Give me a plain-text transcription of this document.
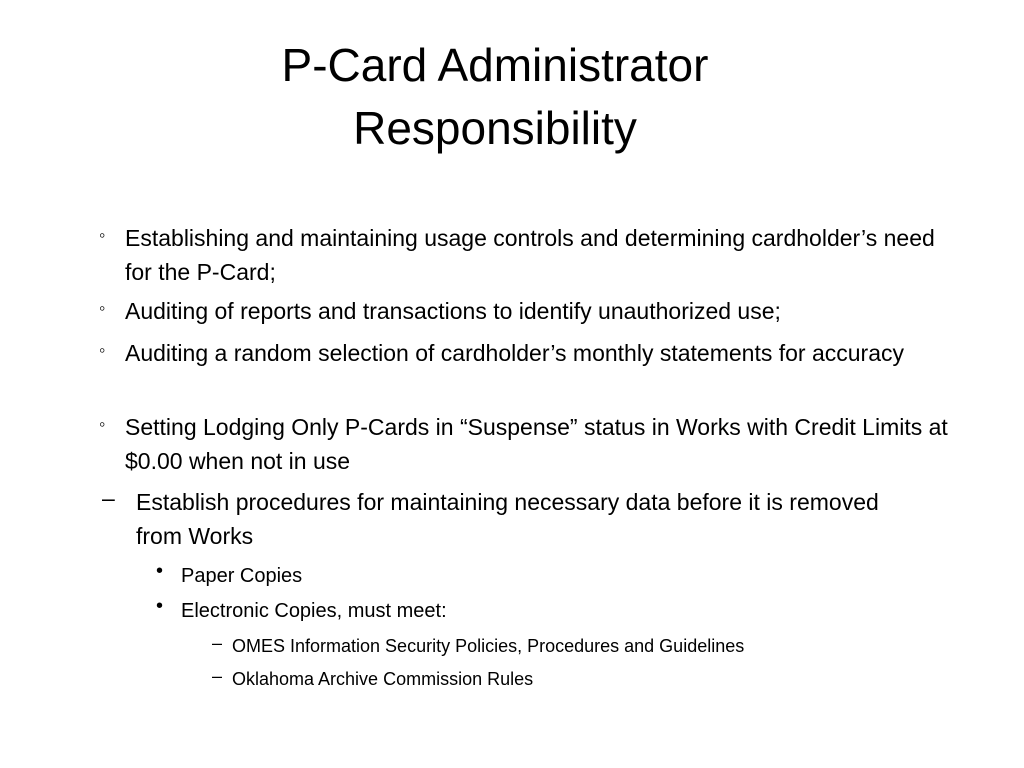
P-Card Administrator
Responsibility
◦ Establishing and maintaining usage controls and determining cardholder’s need for the P-Card;
◦ Auditing of reports and transactions to identify unauthorized use;
◦ Auditing a random selection of cardholder’s monthly statements for accuracy
◦ Setting Lodging Only P-Cards in “Suspense” status in Works with Credit Limits at $0.00 when not in use
– Establish procedures for maintaining necessary data before it is removed from Works
• Paper Copies
• Electronic Copies, must meet:
– OMES Information Security Policies, Procedures and Guidelines
– Oklahoma Archive Commission Rules
